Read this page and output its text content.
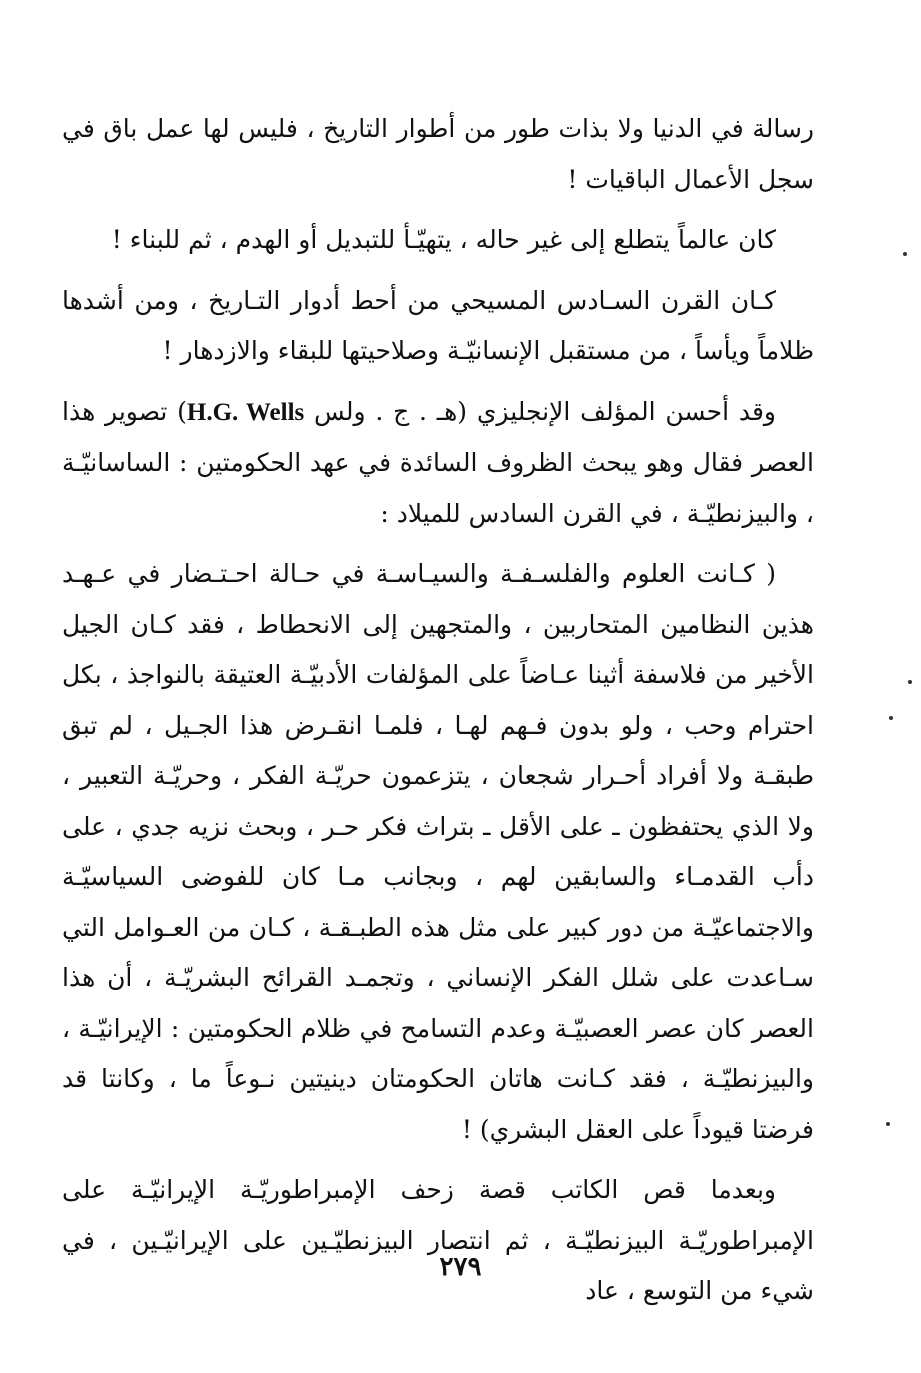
رسالة في الدنيا ولا بذات طور من أطوار التاريخ ، فليس لها عمل باق في سجل الأعمال الباقيات !

كان عالماً يتطلع إلى غير حاله ، يتهيّـأ للتبديل أو الهدم ، ثم للبناء !

كـان القرن السـادس المسيحي من أحط أدوار التـاريخ ، ومن أشدها ظلاماً ويأساً ، من مستقبل الإنسانيّـة وصلاحيتها للبقاء والازدهار !

وقد أحسن المؤلف الإنجليزي (هـ . ج . ولس H.G. Wells) تصوير هذا العصر فقال وهو يبحث الظروف السائدة في عهد الحكومتين : الساسانيّـة ، والبيزنطيّـة ، في القرن السادس للميلاد :

( كـانت العلوم والفلسـفـة والسيـاسـة في حـالة احـتـضار في عـهـد هذين النظامين المتحاربين ، والمتجهين إلى الانحطاط ، فقد كـان الجيل الأخير من فلاسفة أثينا عـاضاً على المؤلفات الأدبيّـة العتيقة بالنواجذ ، بكل احترام وحب ، ولو بدون فـهم لهـا ، فلمـا انقـرض هذا الجـيل ، لم تبق طبقـة ولا أفراد أحـرار شجعان ، يتزعمون حريّـة الفكر ، وحريّـة التعبير ، ولا الذي يحتفظون ـ على الأقل ـ بتراث فكر حـر ، وبحث نزيه جدي ، على دأب القدمـاء والسابقين لهم ، وبجانب مـا كان للفوضى السياسيّـة والاجتماعيّـة من دور كبير على مثل هذه الطبـقـة ، كـان من العـوامل التي سـاعدت على شلل الفكر الإنساني ، وتجمـد القرائح البشريّـة ، أن هذا العصر كان عصر العصبيّـة وعدم التسامح في ظلام الحكومتين : الإيرانيّـة ، والبيزنطيّـة ، فقد كـانت هاتان الحكومتان دينيتين نـوعاً ما ، وكانتا قد فرضتا قيوداً على العقل البشري) !

وبعدما قص الكاتب قصة زحف الإمبراطوريّـة الإيرانيّـة على الإمبراطوريّـة البيزنطيّـة ، ثم انتصار البيزنطيّـين على الإيرانيّـين ، في شيء من التوسع ، عاد

٢٧٩
